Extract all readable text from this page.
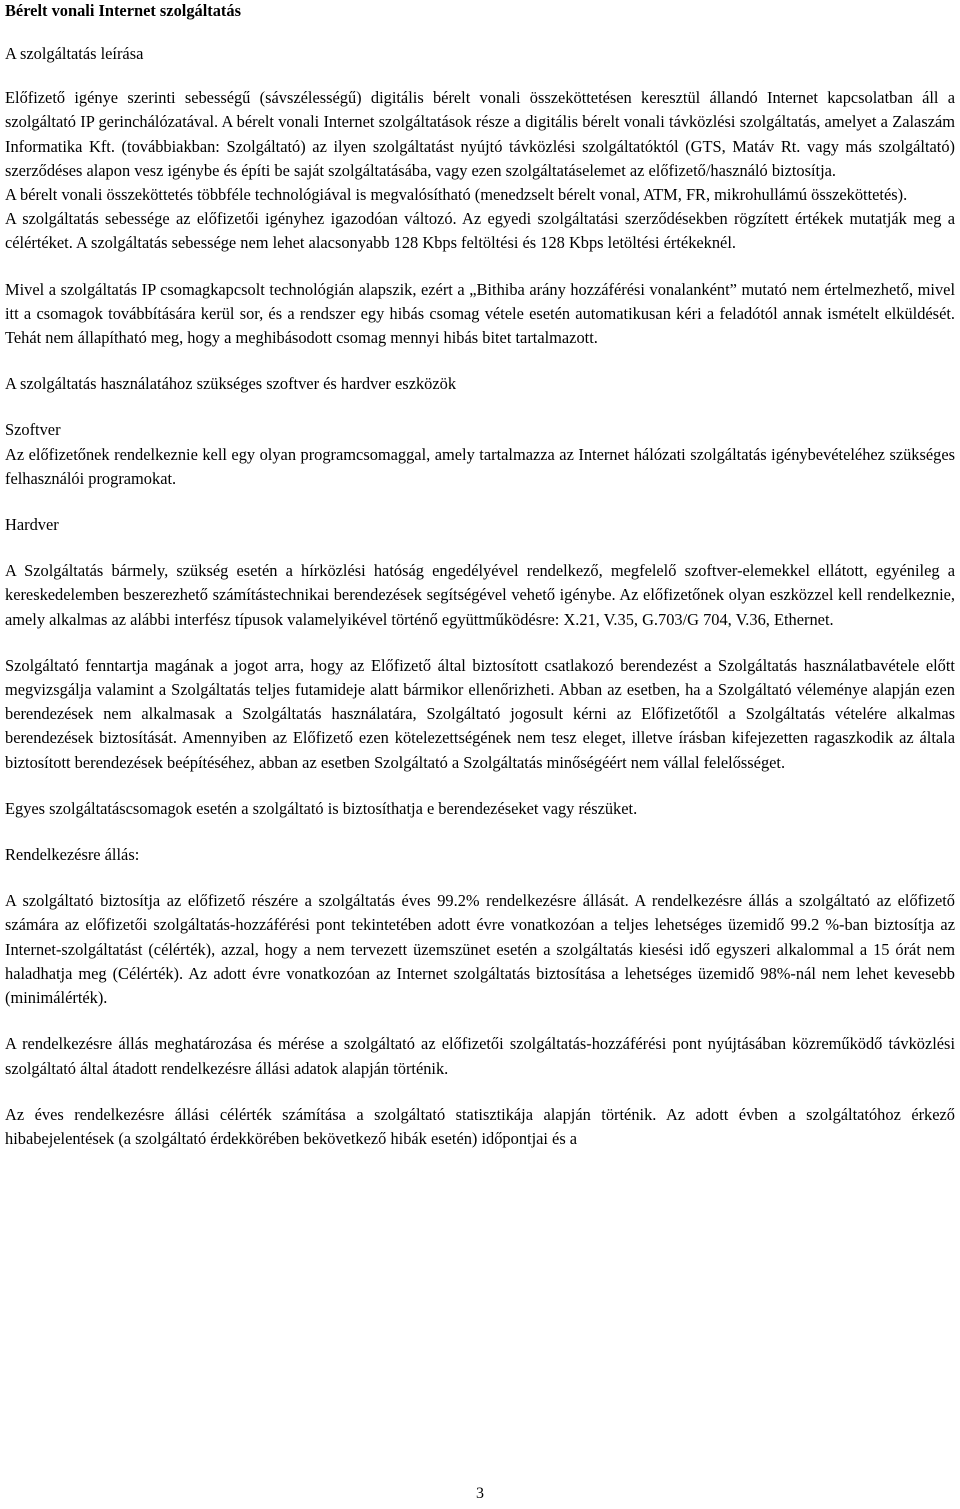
Bérelt vonali Internet szolgáltatás
A szolgáltatás leírása

Előfizető igénye szerinti sebességű (sávszélességű) digitális bérelt vonali összeköttetésen keresztül állandó Internet kapcsolatban áll a szolgáltató IP gerinchálózatával. A bérelt vonali Internet szolgáltatások része a digitális bérelt vonali távközlési szolgáltatás, amelyet a Zalaszám Informatika Kft. (továbbiakban: Szolgáltató) az ilyen szolgáltatást nyújtó távközlési szolgáltatóktól (GTS, Matáv Rt. vagy más szolgáltató) szerződéses alapon vesz igénybe és építi be saját szolgáltatásába, vagy ezen szolgáltatáselemet az előfizető/használó biztosítja.

A bérelt vonali összeköttetés többféle technológiával is megvalósítható (menedzselt bérelt vonal, ATM, FR, mikrohullámú összeköttetés).

A szolgáltatás sebessége az előfizetői igényhez igazodóan változó. Az egyedi szolgáltatási szerződésekben rögzített értékek mutatják meg a célértéket. A szolgáltatás sebessége nem lehet alacsonyabb 128 Kbps feltöltési és 128 Kbps letöltési értékeknél.

Mivel a szolgáltatás IP csomagkapcsolt technológián alapszik, ezért a „Bithiba arány hozzáférési vonalanként” mutató nem értelmezhető, mivel itt a csomagok továbbítására kerül sor, és a rendszer egy hibás csomag vétele esetén automatikusan kéri a feladótól annak ismételt elküldését. Tehát nem állapítható meg, hogy a meghibásodott csomag mennyi hibás bitet tartalmazott.

A szolgáltatás használatához szükséges szoftver és hardver eszközök
Szoftver

Az előfizetőnek rendelkeznie kell egy olyan programcsomaggal, amely tartalmazza az Internet hálózati szolgáltatás igénybevételéhez szükséges felhasználói programokat.

Hardver

A Szolgáltatás bármely, szükség esetén a hírközlési hatóság engedélyével rendelkező, megfelelő szoftver-elemekkel ellátott, egyénileg a kereskedelemben beszerezhető számítástechnikai berendezések segítségével vehető igénybe. Az előfizetőnek olyan eszközzel kell rendelkeznie, amely alkalmas az alábbi interfész típusok valamelyikével történő együttműködésre: X.21, V.35, G.703/G 704, V.36, Ethernet.

Szolgáltató fenntartja magának a jogot arra, hogy az Előfizető által biztosított csatlakozó berendezést a Szolgáltatás használatbavétele előtt megvizsgálja valamint a Szolgáltatás teljes futamideje alatt bármikor ellenőrizheti. Abban az esetben, ha a Szolgáltató véleménye alapján ezen berendezések nem alkalmasak a Szolgáltatás használatára, Szolgáltató jogosult kérni az Előfizetőtől a Szolgáltatás vételére alkalmas berendezések biztosítását. Amennyiben az Előfizető ezen kötelezettségének nem tesz eleget, illetve írásban kifejezetten ragaszkodik az általa biztosított berendezések beépítéséhez, abban az esetben Szolgáltató a Szolgáltatás minőségéért nem vállal felelősséget.

Egyes szolgáltatáscsomagok esetén a szolgáltató is biztosíthatja e berendezéseket vagy részüket.

Rendelkezésre állás:

A szolgáltató biztosítja az előfizető részére a szolgáltatás éves 99.2% rendelkezésre állását. A rendelkezésre állás a szolgáltató az előfizető számára az előfizetői szolgáltatás-hozzáférési pont tekintetében adott évre vonatkozóan a teljes lehetséges üzemidő 99.2 %-ban biztosítja az Internet-szolgáltatást (célérték), azzal, hogy a nem tervezett üzemszünet esetén a szolgáltatás kiesési idő egyszeri alkalommal a 15 órát nem haladhatja meg (Célérték). Az adott évre vonatkozóan az Internet szolgáltatás biztosítása a lehetséges üzemidő 98%-nál nem lehet kevesebb (minimálérték).

A rendelkezésre állás meghatározása és mérése a szolgáltató az előfizetői szolgáltatás-hozzáférési pont nyújtásában közreműködő távközlési szolgáltató által átadott rendelkezésre állási adatok alapján történik.

Az éves rendelkezésre állási célérték számítása a szolgáltató statisztikája alapján történik. Az adott évben a szolgáltatóhoz érkező hibabejelentések (a szolgáltató érdekkörében bekövetkező hibák esetén) időpontjai és a

3
